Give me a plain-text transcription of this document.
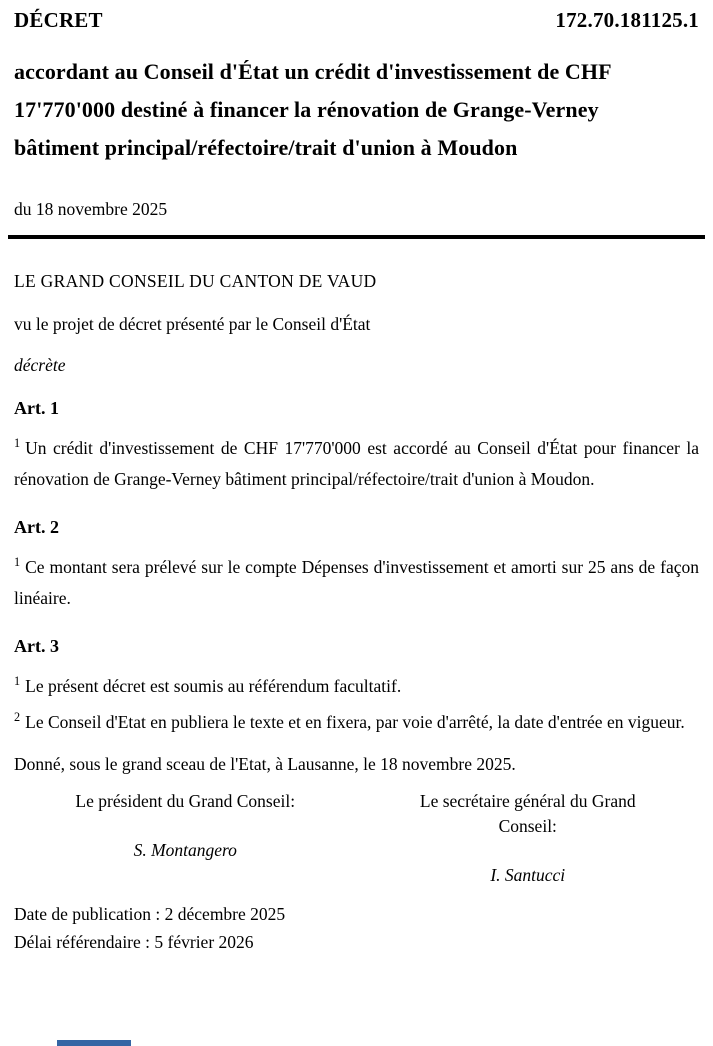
DÉCRET	172.70.181125.1
accordant au Conseil d'État un crédit d'investissement de CHF 17'770'000 destiné à financer la rénovation de Grange-Verney bâtiment principal/réfectoire/trait d'union à Moudon
du 18 novembre 2025
LE GRAND CONSEIL DU CANTON DE VAUD
vu le projet de décret présenté par le Conseil d'État
décrète
Art. 1

$^1$ Un crédit d'investissement de CHF 17'770'000 est accordé au Conseil d'État pour financer la rénovation de Grange-Verney bâtiment principal/réfectoire/trait d'union à Moudon.

Art. 2

$^1$ Ce montant sera prélevé sur le compte Dépenses d'investissement et amorti sur 25 ans de façon linéaire.

Art. 3

$^1$ Le présent décret est soumis au référendum facultatif.

$^2$ Le Conseil d'Etat en publiera le texte et en fixera, par voie d'arrêté, la date d'entrée en vigueur.

Donné, sous le grand sceau de l'Etat, à Lausanne, le 18 novembre 2025.
Le président du Grand Conseil:
S. Montangero
Le secrétaire général du Grand Conseil:
I. Santucci
Date de publication : 2 décembre 2025
Délai référendaire : 5 février 2026
